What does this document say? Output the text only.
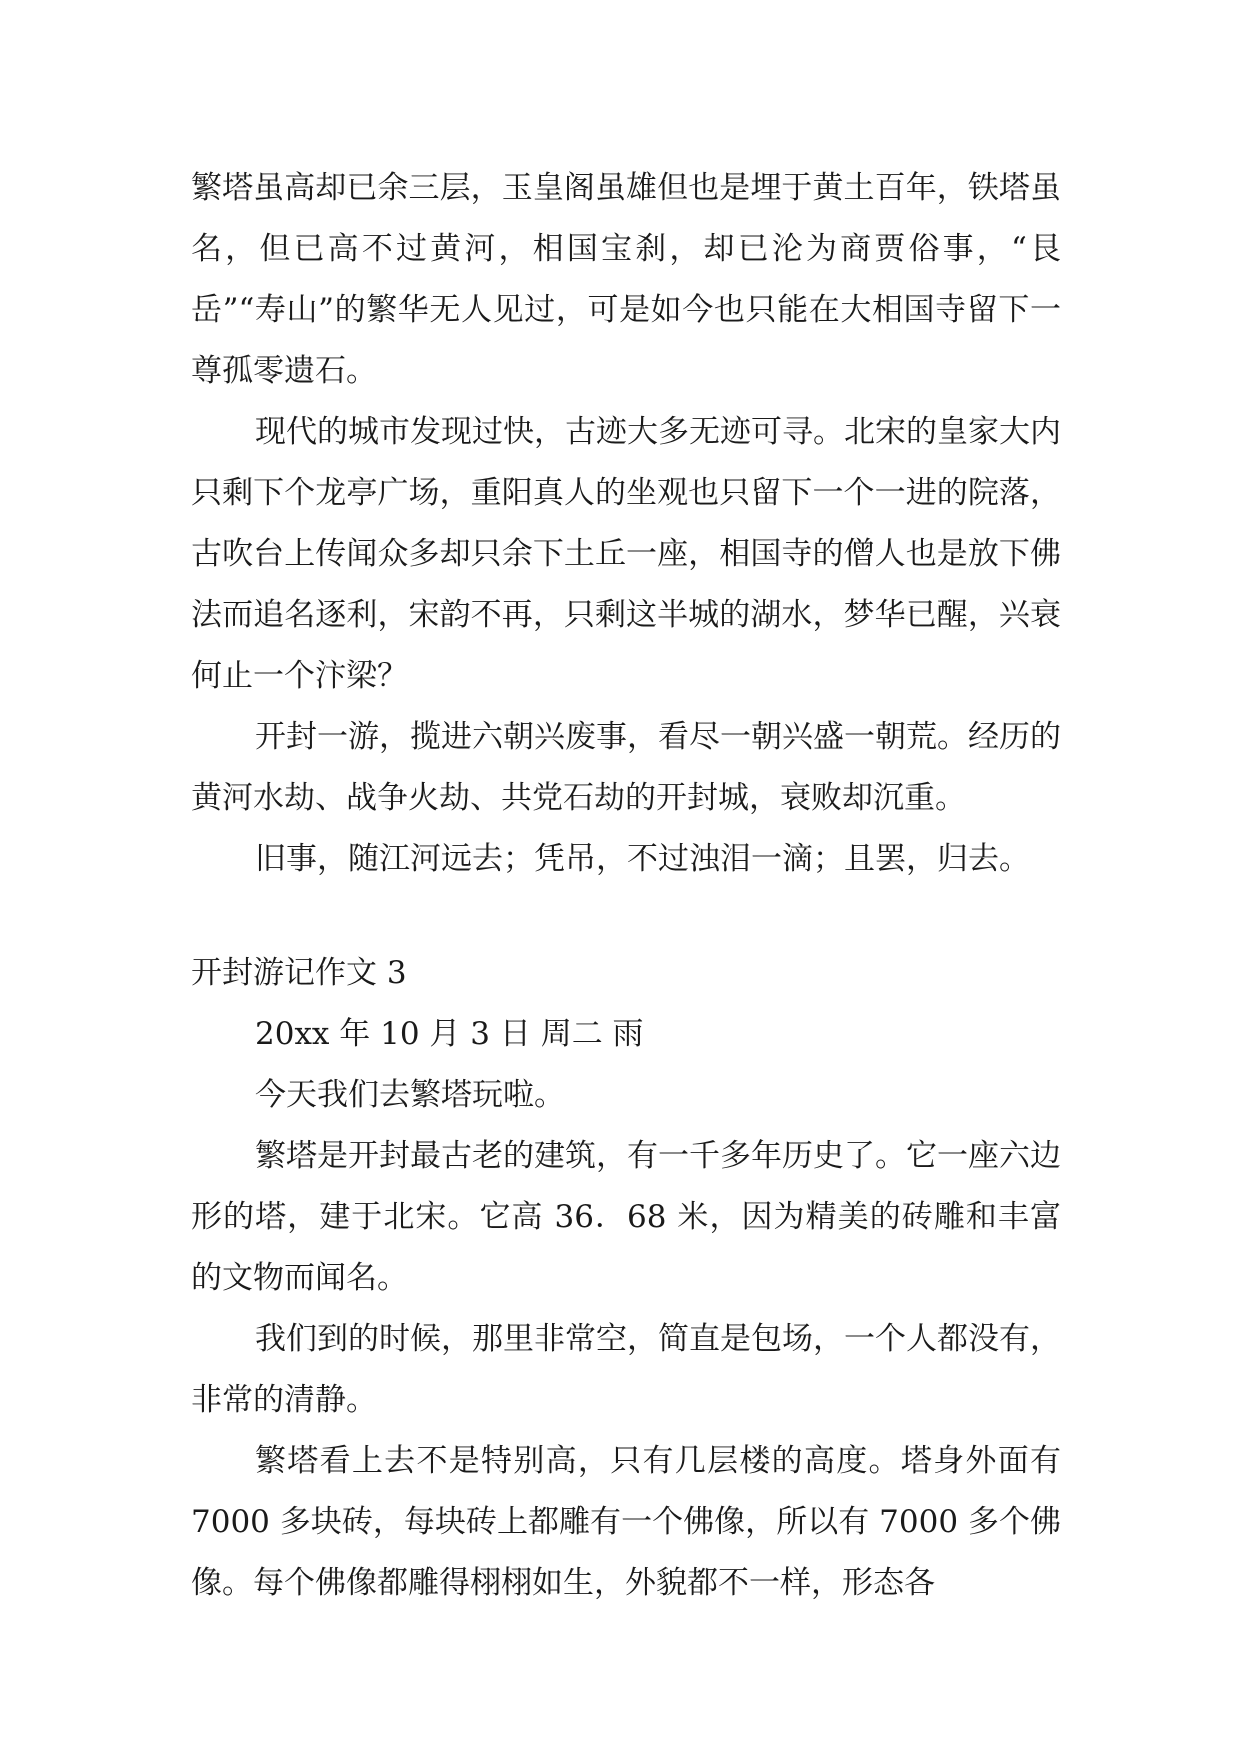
繁塔虽高却已余三层，玉皇阁虽雄但也是埋于黄土百年，铁塔虽名，但已高不过黄河，相国宝刹，却已沦为商贾俗事，“艮岳”“寿山”的繁华无人见过，可是如今也只能在大相国寺留下一尊孤零遗石。

现代的城市发现过快，古迹大多无迹可寻。北宋的皇家大内只剩下个龙亭广场，重阳真人的坐观也只留下一个一进的院落，古吹台上传闻众多却只余下土丘一座，相国寺的僧人也是放下佛法而追名逐利，宋韵不再，只剩这半城的湖水，梦华已醒，兴衰何止一个汴梁？

开封一游，揽进六朝兴废事，看尽一朝兴盛一朝荒。经历的黄河水劫、战争火劫、共党石劫的开封城，衰败却沉重。

旧事，随江河远去；凭吊，不过浊泪一滴；且罢，归去。

开封游记作文 3

20xx 年 10 月 3 日 周二 雨

今天我们去繁塔玩啦。

繁塔是开封最古老的建筑，有一千多年历史了。它一座六边形的塔，建于北宋。它高 36．68 米，因为精美的砖雕和丰富的文物而闻名。

我们到的时候，那里非常空，简直是包场，一个人都没有，非常的清静。

繁塔看上去不是特别高，只有几层楼的高度。塔身外面有 7000 多块砖，每块砖上都雕有一个佛像，所以有 7000 多个佛像。每个佛像都雕得栩栩如生，外貌都不一样，形态各
